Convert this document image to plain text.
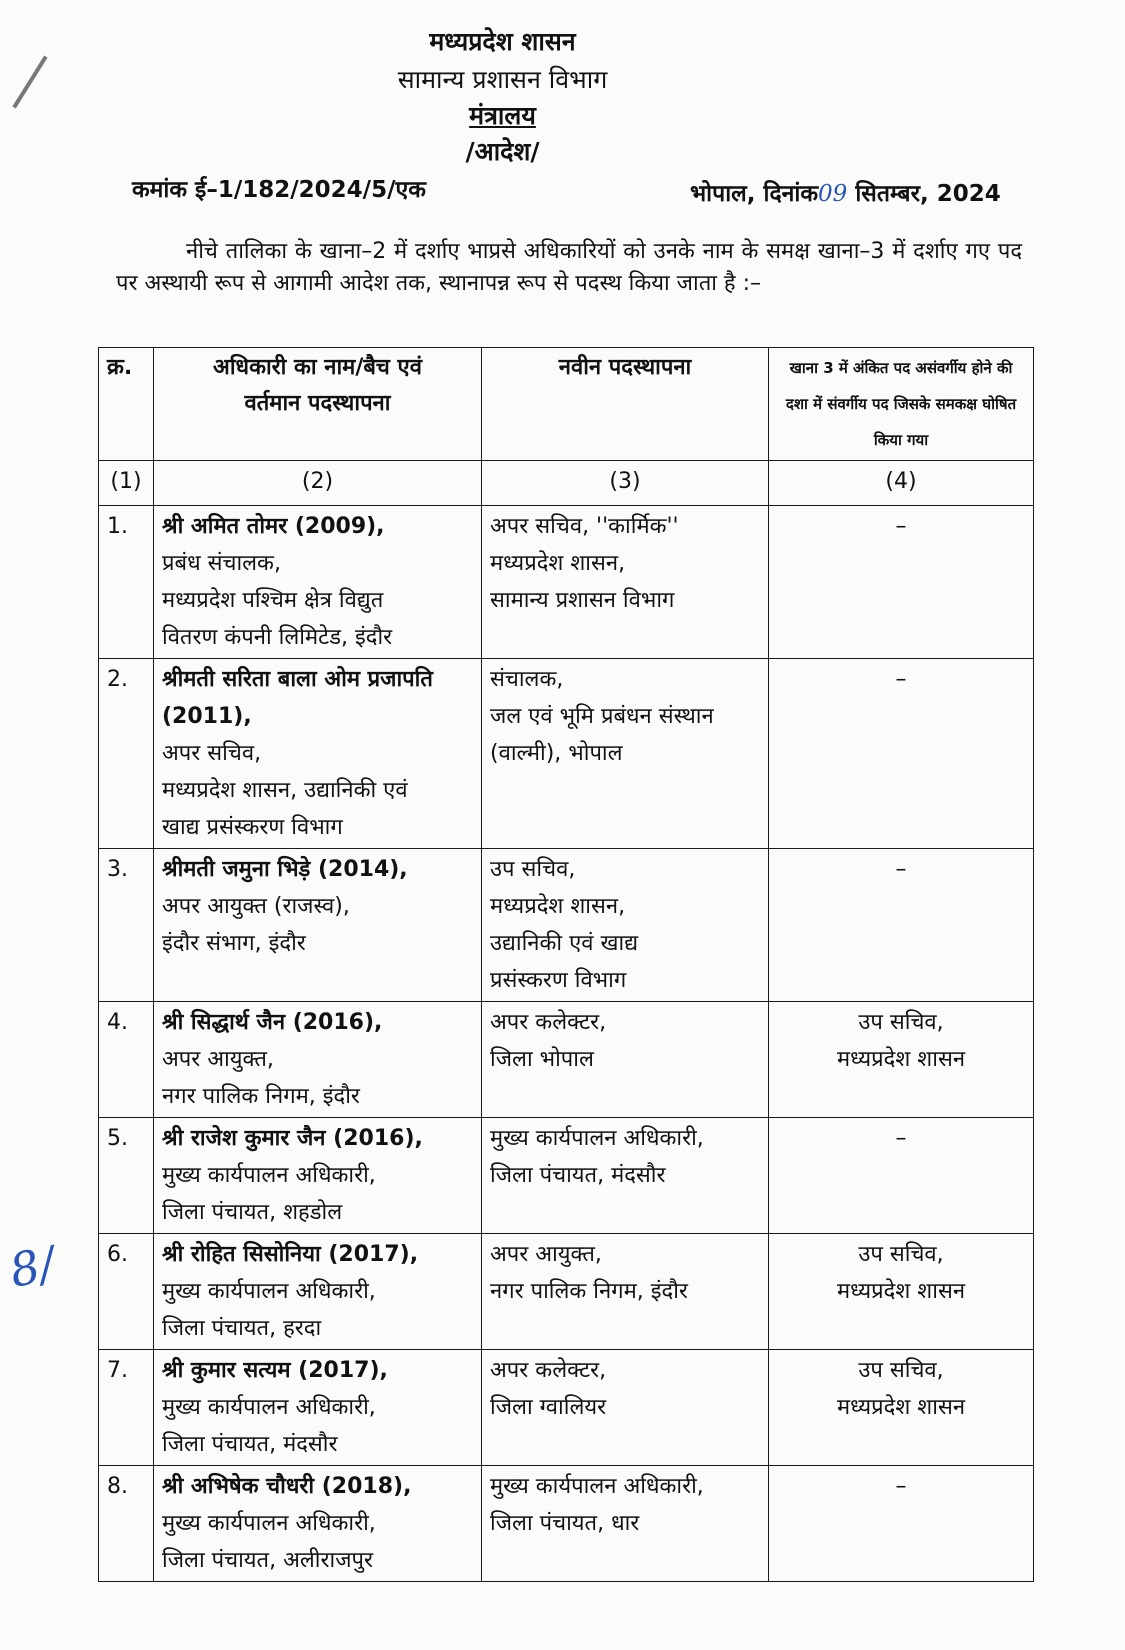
मध्यप्रदेश शासन
सामान्य प्रशासन विभाग
मंत्रालय
/आदेश/
कमांक ई–1/182/2024/5/एक	भोपाल, दिनांक09 सितम्बर, 2024
नीचे तालिका के खाना–2 में दर्शाए भाप्रसे अधिकारियों को उनके नाम के समक्ष खाना–3 में दर्शाए गए पद पर अस्थायी रूप से आगामी आदेश तक, स्थानापन्न रूप से पदस्थ किया जाता है :–
क्र.	अधिकारी का नाम/बैच एवं
वर्तमान पदस्थापना	नवीन पदस्थापना	खाना 3 में अंकित पद असंवर्गीय होने की दशा में संवर्गीय पद जिसके समकक्ष घोषित किया गया
(1)	(2)	(3)	(4)
1.	श्री अमित तोमर (2009),
प्रबंध संचालक,
मध्यप्रदेश पश्चिम क्षेत्र विद्युत
वितरण कंपनी लिमिटेड, इंदौर	अपर सचिव, ''कार्मिक''
मध्यप्रदेश शासन,
सामान्य प्रशासन विभाग	–

2.	श्रीमती सरिता बाला ओम प्रजापति (2011),
अपर सचिव,
मध्यप्रदेश शासन, उद्यानिकी एवं
खाद्य प्रसंस्करण विभाग	संचालक,
जल एवं भूमि प्रबंधन संस्थान
(वाल्मी), भोपाल	–

3.	श्रीमती जमुना भिड़े (2014),
अपर आयुक्त (राजस्व),
इंदौर संभाग, इंदौर	उप सचिव,
मध्यप्रदेश शासन,
उद्यानिकी एवं खाद्य
प्रसंस्करण विभाग	–

4.	श्री सिद्धार्थ जैन (2016),
अपर आयुक्त,
नगर पालिक निगम, इंदौर	अपर कलेक्टर,
जिला भोपाल	उप सचिव,
मध्यप्रदेश शासन

5.	श्री राजेश कुमार जैन (2016),
मुख्य कार्यपालन अधिकारी,
जिला पंचायत, शहडोल	मुख्य कार्यपालन अधिकारी,
जिला पंचायत, मंदसौर	–

6.	श्री रोहित सिसोनिया (2017),
मुख्य कार्यपालन अधिकारी,
जिला पंचायत, हरदा	अपर आयुक्त,
नगर पालिक निगम, इंदौर	उप सचिव,
मध्यप्रदेश शासन

7.	श्री कुमार सत्यम (2017),
मुख्य कार्यपालन अधिकारी,
जिला पंचायत, मंदसौर	अपर कलेक्टर,
जिला ग्वालियर	उप सचिव,
मध्यप्रदेश शासन

8.	श्री अभिषेक चौधरी (2018),
मुख्य कार्यपालन अधिकारी,
जिला पंचायत, अलीराजपुर	मुख्य कार्यपालन अधिकारी,
जिला पंचायत, धार	–
8/
